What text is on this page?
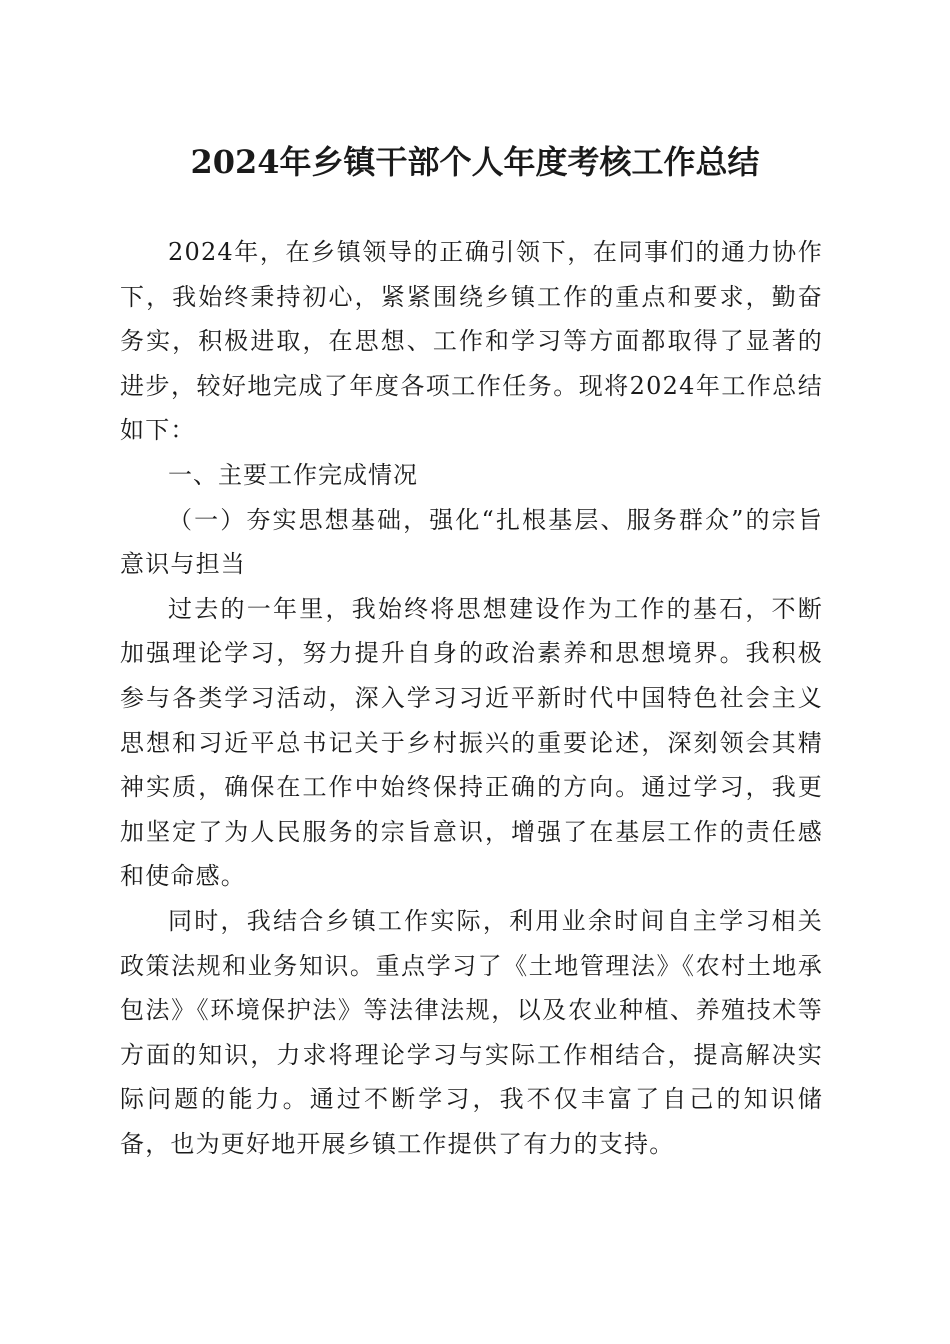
2024年乡镇干部个人年度考核工作总结

2024年，在乡镇领导的正确引领下，在同事们的通力协作下，我始终秉持初心，紧紧围绕乡镇工作的重点和要求，勤奋务实，积极进取，在思想、工作和学习等方面都取得了显著的进步，较好地完成了年度各项工作任务。现将2024年工作总结如下：

一、主要工作完成情况

（一）夯实思想基础，强化“扎根基层、服务群众”的宗旨意识与担当

过去的一年里，我始终将思想建设作为工作的基石，不断加强理论学习，努力提升自身的政治素养和思想境界。我积极参与各类学习活动，深入学习习近平新时代中国特色社会主义思想和习近平总书记关于乡村振兴的重要论述，深刻领会其精神实质，确保在工作中始终保持正确的方向。通过学习，我更加坚定了为人民服务的宗旨意识，增强了在基层工作的责任感和使命感。

同时，我结合乡镇工作实际，利用业余时间自主学习相关政策法规和业务知识。重点学习了《土地管理法》《农村土地承包法》《环境保护法》等法律法规，以及农业种植、养殖技术等方面的知识，力求将理论学习与实际工作相结合，提高解决实际问题的能力。通过不断学习，我不仅丰富了自己的知识储备，也为更好地开展乡镇工作提供了有力的支持。
